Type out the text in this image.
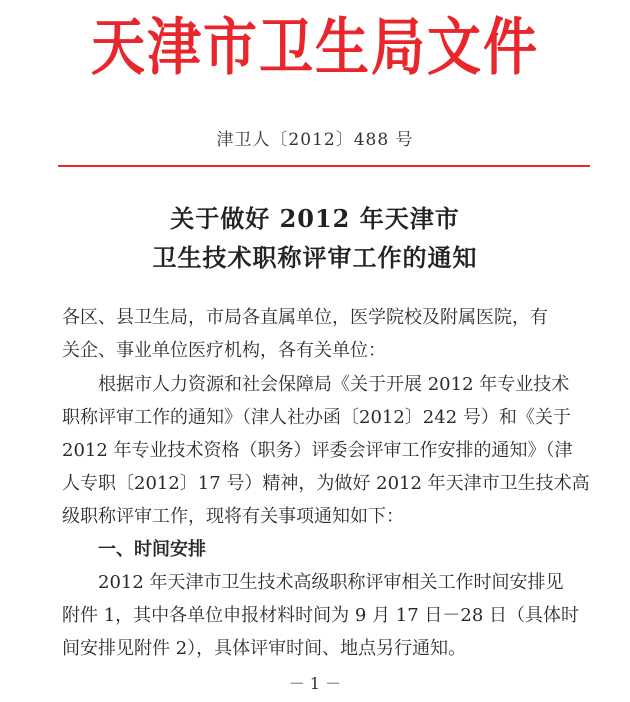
天津市卫生局文件
津卫人〔2012〕488 号
关于做好 2012 年天津市
卫生技术职称评审工作的通知
各区、县卫生局，市局各直属单位，医学院校及附属医院，有
关企、事业单位医疗机构，各有关单位：
根据市人力资源和社会保障局《关于开展 2012 年专业技术
职称评审工作的通知》（津人社办函〔2012〕242 号）和《关于
2012 年专业技术资格（职务）评委会评审工作安排的通知》（津
人专职〔2012〕17 号）精神，为做好 2012 年天津市卫生技术高
级职称评审工作，现将有关事项通知如下：
一、时间安排
2012 年天津市卫生技术高级职称评审相关工作时间安排见
附件 1，其中各单位申报材料时间为 9 月 17 日－28 日（具体时
间安排见附件 2），具体评审时间、地点另行通知。
－ 1 －
